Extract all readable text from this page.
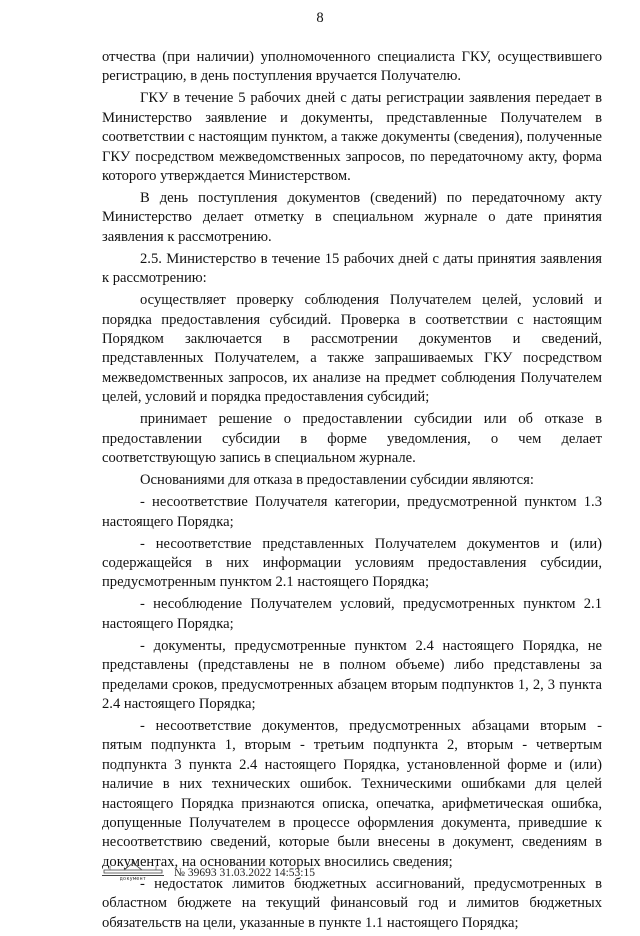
8

отчества (при наличии) уполномоченного специалиста ГКУ, осуществившего регистрацию, в день поступления вручается Получателю.

ГКУ в течение 5 рабочих дней с даты регистрации заявления передает в Министерство заявление и документы, представленные Получателем в соответствии с настоящим пунктом, а также документы (сведения), полученные ГКУ посредством межведомственных запросов, по передаточному акту, форма которого утверждается Министерством.

В день поступления документов (сведений) по передаточному акту Министерство делает отметку в специальном журнале о дате принятия заявления к рассмотрению.

2.5. Министерство в течение 15 рабочих дней с даты принятия заявления к рассмотрению:

осуществляет проверку соблюдения Получателем целей, условий и порядка предоставления субсидий. Проверка в соответствии с настоящим Порядком заключается в рассмотрении документов и сведений, представленных Получателем, а также запрашиваемых ГКУ посредством межведомственных запросов, их анализе на предмет соблюдения Получателем целей, условий и порядка предоставления субсидий;

принимает решение о предоставлении субсидии или об отказе в предоставлении субсидии в форме уведомления, о чем делает соответствующую запись в специальном журнале.

Основаниями для отказа в предоставлении субсидии являются:

- несоответствие Получателя категории, предусмотренной пунктом 1.3 настоящего Порядка;

- несоответствие представленных Получателем документов и (или) содержащейся в них информации условиям предоставления субсидии, предусмотренным пунктом 2.1 настоящего Порядка;

- несоблюдение Получателем условий, предусмотренных пунктом 2.1 настоящего Порядка;

- документы, предусмотренные пунктом 2.4 настоящего Порядка, не представлены (представлены не в полном объеме) либо представлены за пределами сроков, предусмотренных абзацем вторым подпунктов 1, 2, 3 пункта 2.4 настоящего Порядка;

- несоответствие документов, предусмотренных абзацами вторым - пятым подпункта 1, вторым - третьим подпункта 2, вторым - четвертым подпункта 3 пункта 2.4 настоящего Порядка, установленной форме и (или) наличие в них технических ошибок. Техническими ошибками для целей настоящего Порядка признаются описка, опечатка, арифметическая ошибка, допущенные Получателем в процессе оформления документа, приведшие к несоответствию сведений, которые были внесены в документ, сведениям в документах, на основании которых вносились сведения;

- недостаток лимитов бюджетных ассигнований, предусмотренных в областном бюджете на текущий финансовый год и лимитов бюджетных обязательств на цели, указанные в пункте 1.1 настоящего Порядка;

документ	№ 39693 31.03.2022 14:53:15
